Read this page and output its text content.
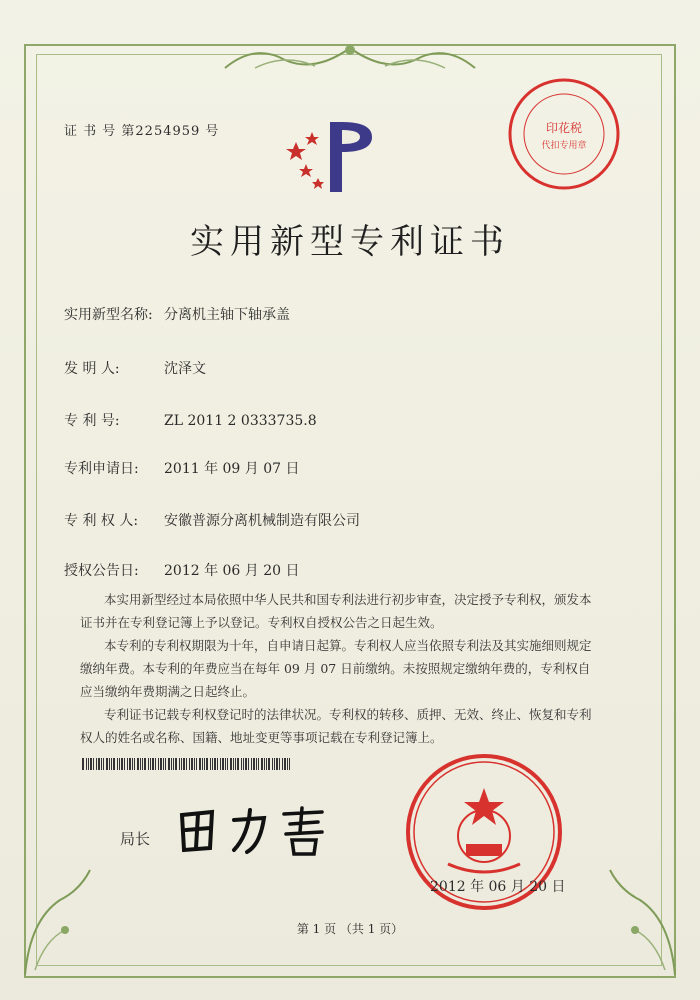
证 书 号 第2254959 号	印花税
代扣专用章
实用新型专利证书
实用新型名称: 分离机主轴下轴承盖
发 明 人:	沈泽文
专 利 号:	ZL 2011 2 0333735.8
专利申请日: 2011 年 09 月 07 日
专 利 权 人: 安徽普源分离机械制造有限公司
授权公告日: 2012 年 06 月 20 日

本实用新型经过本局依照中华人民共和国专利法进行初步审查，决定授予专利权，颁发本证书并在专利登记簿上予以登记。专利权自授权公告之日起生效。

本专利的专利权期限为十年，自申请日起算。专利权人应当依照专利法及其实施细则规定缴纳年费。本专利的年费应当在每年 09 月 07 日前缴纳。未按照规定缴纳年费的，专利权自应当缴纳年费期满之日起终止。

专利证书记载专利权登记时的法律状况。专利权的转移、质押、无效、终止、恢复和专利权人的姓名或名称、国籍、地址变更等事项记载在专利登记簿上。

局长
2012 年 06 月 20 日
第 1 页 （共 1 页）
